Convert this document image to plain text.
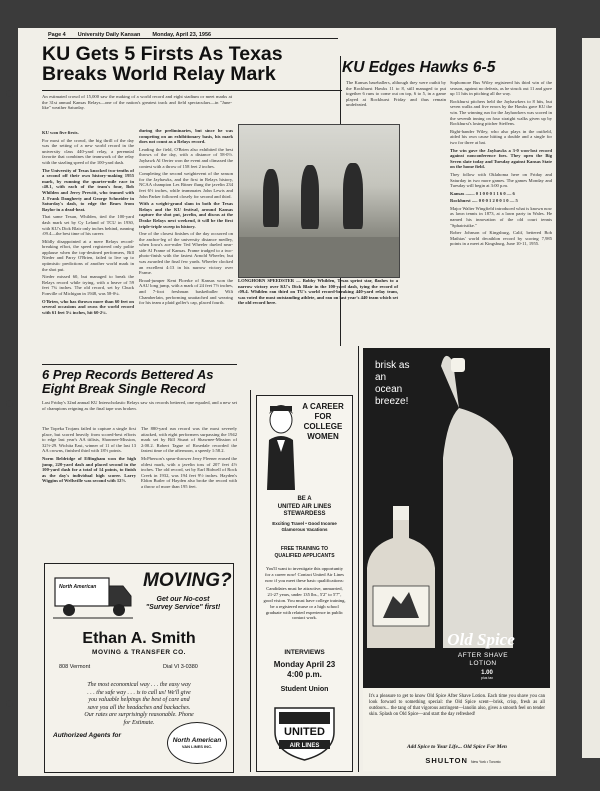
Page 4 University Daily Kansan Monday, April 23, 1956
KU Gets 5 Firsts As Texas
Breaks World Relay Mark	KU Edges Hawks 6-5

An estimated crowd of 15,000 saw the making of a world record and eight stadium or meet marks at the 31st annual Kansas Relays—one of the nation's greatest track and field spectaculars—in "June-like" weather Saturday.

KU won five firsts.

For most of the crowd, the big thrill of the day was the setting of a new world record in the university class 440-yard relay, a perennial favorite that combines the teamwork of the relay with the sizzling speed of the 100-yard dash.

The University of Texas knocked two-tenths of a second off their own history-making 1955 mark, by running the quarter-mile race in :40.1, with each of the team's four, Bob Whilden and Jerry Prewitt, who teamed with J. Frank Daugherty and George Schneider in Saturday's dash, to edge the Bears from Baylor in a dead-heat.

That same Texan, Whilden, tied the 100-yard dash mark set by Cy Leland of TCU in 1930, with KU's Dick Blair only inches behind, running :09.4—the best time of his career.

Mildly disappointed at a mere Relays record-breaking effort, the speed registered only polite applause when the top-destined performers, Bill Nieder and Parry O'Brien, failed to live up to optimistic predictions of another world mark in the shot put.

Nieder missed 60, but managed to break the Relays record while trying, with a heave of 59 feet 7¾ inches. The old record, set by Chuck Fonville of Michigan in 1948, was 58-0¼.

O'Brien, who has thrown more than 60 feet on several occasions and owns the world record with 61 feet 5¼ inches, hit 60-2¼.

during the preliminaries, but since he was competing on an exhibitionary basis, his mark does not count as a Relays record.

Leading the field, O'Brien also exhibited the best throws of the day, with a distance of 58-0½. Jayhawk Al Oerter won the event and climaxed the contest with a throw of 158 feet 2 inches.

Completing the second weightevent of the season for the Jayhawks, and the first in Relays history, NCAA champion Les Bitner flung the javelin 234 feet 6½ inches, while teammates John Lewis and John Parker followed closely for second and third.

With a weight-grand slam in both the Texas Relays and the KU festival, around Kansas capture the shot put, javelin, and discus at the Drake Relays next weekend, it will be the first triple-triple sweep in history.

One of the closest finishes of the day occurred on the anchor-leg of the university distance medley, when Iowa's ace-miler Ted Wheeler dueled near-side Al Frame of Kansas. Frame trudged to a two-photo-finish with the fastest Arnold Wheeler, but was awarded the final few yards. Wheeler clocked an excellent 4:13 in his narrow victory over Frame.

Broad-jumper Kent Floerke of Kansas won the AAU long jump, with a mark of 24 feet 7½ inches, and 7-foot freshman basketballer Wilt Chamberlain, performing unattached and wearing for his team a plaid golfer's cap, placed fourth.

LONGHORN SPEEDSTER — Bobby Whilden, Texas sprint star, flashes to a narrow victory over KU's Dick Blair in the 100-yard dash, tying the record of :09.4. Whilden ran third on TU's world record-breaking 440-yard relay team, was voted the most outstanding athlete, and ran on last year's 440 team which set the old record here.

The Kansas baseballers, although they were outhit by the Rockhurst Hawks 11 to 8, still managed to put together 6 runs to come out on top, 6 to 5, in a game played at Rockhurst Friday and thus remain undefeated.

Sophomore Bus Wiley registered his third win of the season, against no defeats, as he struck out 11 and gave up 11 hits in pitching all the way.

Rockhurst pitchers held the Jayhawkers to 8 hits, but seven walks and five errors by the Hawks gave KU the win. The winning run for the Jayhawkers was scored in the seventh inning on four straight walks given up by Rockhurst's losing pitcher Steffens.

Right-hander Wiley, who also plays in the outfield, aided his own cause hitting a double and a single for two for three at bat.

The win gave the Jayhawks a 3-0 won-lost record against nonconference foes. They open the Big Seven slate today and Tuesday against Kansas State on the home field.

They follow with Oklahoma here on Friday and Saturday in two more games. The games Monday and Tuesday will begin at 3:00 p.m.

Kansas ........ 0 1 0 0 0 1 1 6 0 — 6

Rockhurst ..... 0 0 0 1 2 0 0 1 0 — 5

Major Walter Wingfield introduced what is known now as lawn tennis in 1873, at a lawn party in Wales. He named his innovation of the old court tennis "Sphairistike."

Rober Johnson of Kingsburg, Calif, bettered Bob Mathias' world decathlon record by scoring 7,985 points in a meet at Kingsburg, June 10-11, 1955.

6 Prep Records Bettered As
Eight Break Single Record

Last Friday's 32nd annual KU Interscholastic Relays saw six records bettered, one equaled, and a new set of champions reigning as the final tape was broken.

The Topeka Trojans failed to capture a single first place, but scored heavily from scored-best efforts to edge last year's AA titlists, Shawnee-Mission, 32½-29. Wichita East, winner of 11 of the last 13 AA crowns, finished third with 18½ points.

Norm Beldridge of Effingham won the high jump, 220-yard dash and placed second in the 100-yard dash for a total of 14 points, to finish as the day's individual high scorer. Larry Wiggins of Wellsville was second with 12½.

The 880-yard run record was the most severely attacked, with eight performers surpassing the 1942 mark set by Bill Stuart of Shawnee-Mission of 2:00.2. Robert Tague of Rosedale recorded the fastest time of the afternoon, a speedy 1:58.2.

McPherson's spear-thrower Jerry Fleener erased the oldest mark, with a javelin toss of 207 feet 4½ inches. The old record, set by Earl Bidwell of Rock Creek in 1932, was 194 feet 9½ inches. Hayden's Eldon Butler of Hayden also broke the record with a throw of more than 195 feet.

North American MOVING?
Get our No-cost
"Survey Service" first!
Ethan A. Smith
MOVING & TRANSFER CO.
808 Vermont	Dial VI 3-0380
The most economical way . . . the easy way
. . . the safe way . . . is to call us! We'll give
you valuable helpings the best of care and
save you all the headaches and backaches.
Our rates are surprisingly reasonable. Phone
for Estimate.
Authorized Agents for
North American
VAN LINES INC.
A CAREER
FOR
COLLEGE
WOMEN
BE A
UNITED AIR LINES
STEWARDESS
Exciting Travel • Good Income
Glamorous Vacations
FREE TRAINING TO
QUALIFIED APPLICANTS

You'll want to investigate this opportunity for a career now! Contact United Air Lines now if you meet these basic qualifications:

Candidates must be attractive, unmarried, 21-27 years, under 135 lbs., 5'2" to 5'7", good vision. You must have college training, be a registered nurse or a high school graduate with related experience in public contact work.

INTERVIEWS
Monday April 23
4:00 p.m.
Student Union
UNITED
AIR LINES
brisk as
an
ocean
breeze!
Old Spice
AFTER SHAVE
LOTION
1.00
plus tax
It's a pleasure to get to know Old Spice After Shave Lotion. Each time you shave you can look forward to something special: the Old Spice scent—brisk, crisp, fresh as all outdoors... the tang of that vigorous astringent—lanolin also, gives a smooth feel on tender skin. Splash on Old Spice—and start the day refreshed!
Add Spice to Your Life... Old Spice For Men
SHULTON New York • Toronto
